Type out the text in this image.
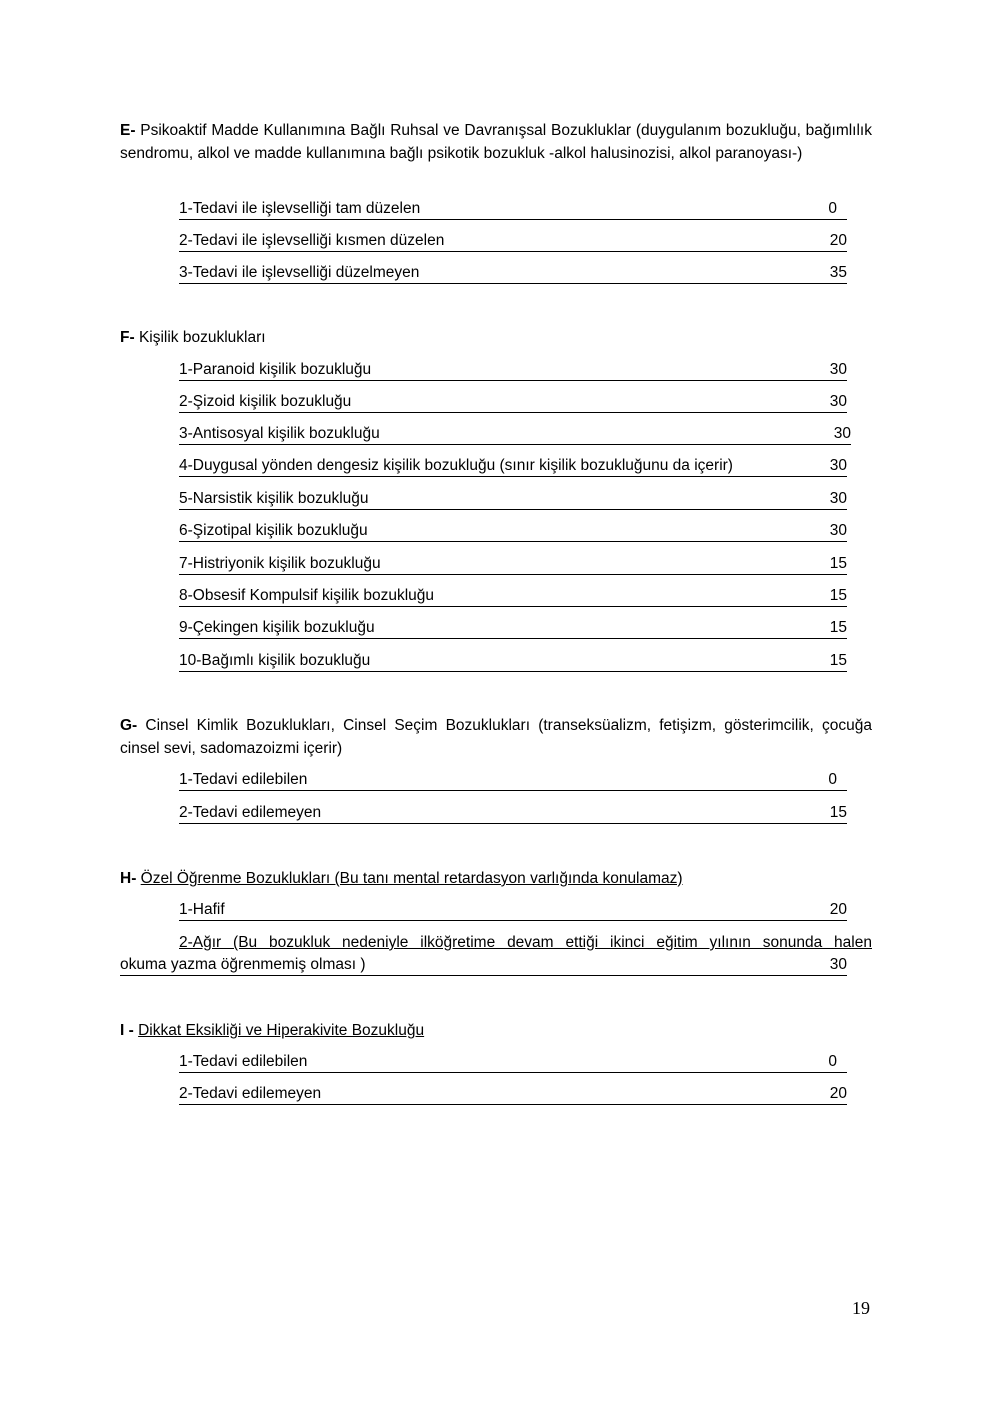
E- Psikoaktif Madde Kullanımına Bağlı Ruhsal ve Davranışsal Bozukluklar (duygulanım bozukluğu, bağımlılık sendromu, alkol ve madde kullanımına bağlı psikotik bozukluk -alkol halusinozisi, alkol paranoyası-)
1-Tedavi ile işlevselliği tam düzelen	0
2-Tedavi ile işlevselliği kısmen düzelen	20
3-Tedavi ile işlevselliği düzelmeyen	35
F- Kişilik bozuklukları
1-Paranoid kişilik bozukluğu	30
2-Şizoid kişilik bozukluğu	30
3-Antisosyal kişilik bozukluğu	30
4-Duygusal yönden dengesiz kişilik bozukluğu (sınır kişilik bozukluğunu da içerir)	30
5-Narsistik kişilik bozukluğu	30
6-Şizotipal kişilik bozukluğu	30
7-Histriyonik kişilik bozukluğu	15
8-Obsesif Kompulsif kişilik bozukluğu	15
9-Çekingen kişilik bozukluğu	15
10-Bağımlı kişilik bozukluğu	15
G- Cinsel Kimlik Bozuklukları, Cinsel Seçim Bozuklukları (transeksüalizm, fetişizm, gösterimcilik, çocuğa cinsel sevi, sadomazoizmi içerir)
1-Tedavi edilebilen	0
2-Tedavi edilemeyen	15
H- Özel Öğrenme Bozuklukları (Bu tanı mental retardasyon varlığında konulamaz)
1-Hafif	20
2-Ağır (Bu bozukluk nedeniyle ilköğretime devam ettiği ikinci eğitim yılının sonunda halen
okuma yazma öğrenmemiş olması )	30
I - Dikkat Eksikliği ve Hiperakivite Bozukluğu
1-Tedavi edilebilen	0
2-Tedavi edilemeyen	20
19
